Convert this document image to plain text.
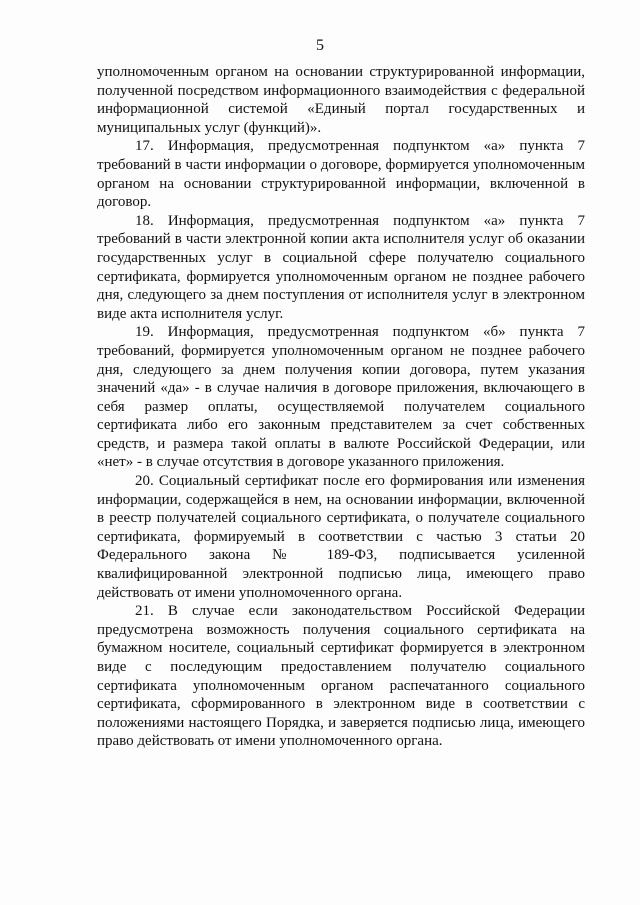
5

уполномоченным органом на основании структурированной информации, полученной посредством информационного взаимодействия с федеральной информационной системой «Единый портал государственных и муниципальных услуг (функций)».

17. Информация, предусмотренная подпунктом «а» пункта 7 требований в части информации о договоре, формируется уполномоченным органом на основании структурированной информации, включенной в договор.

18. Информация, предусмотренная подпунктом «а» пункта 7 требований в части электронной копии акта исполнителя услуг об оказании государственных услуг в социальной сфере получателю социального сертификата, формируется уполномоченным органом не позднее рабочего дня, следующего за днем поступления от исполнителя услуг в электронном виде акта исполнителя услуг.

19. Информация, предусмотренная подпунктом «б» пункта 7 требований, формируется уполномоченным органом не позднее рабочего дня, следующего за днем получения копии договора, путем указания значений «да» - в случае наличия в договоре приложения, включающего в себя размер оплаты, осуществляемой получателем социального сертификата либо его законным представителем за счет собственных средств, и размера такой оплаты в валюте Российской Федерации, или «нет» - в случае отсутствия в договоре указанного приложения.

20. Социальный сертификат после его формирования или изменения информации, содержащейся в нем, на основании информации, включенной в реестр получателей социального сертификата, о получателе социального сертификата, формируемый в соответствии с частью 3 статьи 20 Федерального закона № 189-ФЗ, подписывается усиленной квалифицированной электронной подписью лица, имеющего право действовать от имени уполномоченного органа.

21. В случае если законодательством Российской Федерации предусмотрена возможность получения социального сертификата на бумажном носителе, социальный сертификат формируется в электронном виде с последующим предоставлением получателю социального сертификата уполномоченным органом распечатанного социального сертификата, сформированного в электронном виде в соответствии с положениями настоящего Порядка, и заверяется подписью лица, имеющего право действовать от имени уполномоченного органа.
